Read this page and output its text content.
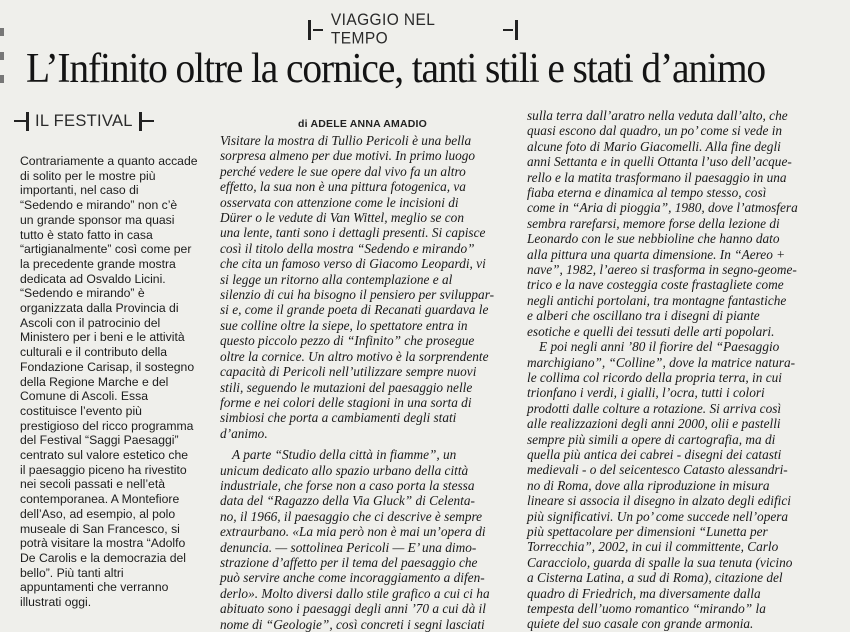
VIAGGIO NEL TEMPO
L’Infinito oltre la cornice, tanti stili e stati d’animo
IL FESTIVAL
Contrariamente a quanto accade
di solito per le mostre più
importanti, nel caso di
“Sedendo e mirando” non c’è
un grande sponsor ma quasi
tutto è stato fatto in casa
“artigianalmente” così come per
la precedente grande mostra
dedicata ad Osvaldo Licini.
“Sedendo e mirando” è
organizzata dalla Provincia di
Ascoli con il patrocinio del
Ministero per i beni e le attività
culturali e il contributo della
Fondazione Carisap, il sostegno
della Regione Marche e del
Comune di Ascoli. Essa
costituisce l’evento più
prestigioso del ricco programma
del Festival “Saggi Paesaggi”
centrato sul valore estetico che
il paesaggio piceno ha rivestito
nei secoli passati e nell’età
contemporanea. A Montefiore
dell’Aso, ad esempio, al polo
museale di San Francesco, si
potrà visitare la mostra “Adolfo
De Carolis e la democrazia del
bello”. Più tanti altri
appuntamenti che verranno
illustrati oggi.
di ADELE ANNA AMADIO
Visitare la mostra di Tullio Pericoli è una bella
sorpresa almeno per due motivi. In primo luogo
perché vedere le sue opere dal vivo fa un altro
effetto, la sua non è una pittura fotogenica, va
osservata con attenzione come le incisioni di
Dürer o le vedute di Van Wittel, meglio se con
una lente, tanti sono i dettagli presenti. Si capisce
così il titolo della mostra “Sedendo e mirando”
che cita un famoso verso di Giacomo Leopardi, vi
si legge un ritorno alla contemplazione e al
silenzio di cui ha bisogno il pensiero per sviluppar-
si e, come il grande poeta di Recanati guardava le
sue colline oltre la siepe, lo spettatore entra in
questo piccolo pezzo di “Infinito” che prosegue
oltre la cornice. Un altro motivo è la sorprendente
capacità di Pericoli nell’utilizzare sempre nuovi
stili, seguendo le mutazioni del paesaggio nelle
forme e nei colori delle stagioni in una sorta di
simbiosi che porta a cambiamenti degli stati
d’animo.
A parte “Studio della città in fiamme”, un
unicum dedicato allo spazio urbano della città
industriale, che forse non a caso porta la stessa
data del “Ragazzo della Via Gluck” di Celenta-
no, il 1966, il paesaggio che ci descrive è sempre
extraurbano. «La mia però non è mai un’opera di
denuncia. — sottolinea Pericoli — E’ una dimo-
strazione d’affetto per il tema del paesaggio che
può servire anche come incoraggiamento a difen-
derlo». Molto diversi dallo stile grafico a cui ci ha
abituato sono i paesaggi degli anni ’70 a cui dà il
nome di “Geologie”, così concreti i segni lasciati
sulla terra dall’aratro nella veduta dall’alto, che
quasi escono dal quadro, un po’ come si vede in
alcune foto di Mario Giacomelli. Alla fine degli
anni Settanta e in quelli Ottanta l’uso dell’acque-
rello e la matita trasformano il paesaggio in una
fiaba eterna e dinamica al tempo stesso, così
come in “Aria di pioggia”, 1980, dove l’atmosfera
sembra rarefarsi, memore forse della lezione di
Leonardo con le sue nebbioline che hanno dato
alla pittura una quarta dimensione. In “Aereo +
nave”, 1982, l’aereo si trasforma in segno-geome-
trico e la nave costeggia coste frastagliete come
negli antichi portolani, tra montagne fantastiche
e alberi che oscillano tra i disegni di piante
esotiche e quelli dei tessuti delle arti popolari.
E poi negli anni ’80 il fiorire del “Paesaggio
marchigiano”, “Colline”, dove la matrice natura-
le collima col ricordo della propria terra, in cui
trionfano i verdi, i gialli, l’ocra, tutti i colori
prodotti dalle colture a rotazione. Si arriva così
alle realizzazioni degli anni 2000, olii e pastelli
sempre più simili a opere di cartografia, ma di
quella più antica dei cabrei - disegni dei catasti
medievali - o del seicentesco Catasto alessandri-
no di Roma, dove alla riproduzione in misura
lineare si associa il disegno in alzato degli edifici
più significativi. Un po’ come succede nell’opera
più spettacolare per dimensioni “Lunetta per
Torrecchia”, 2002, in cui il committente, Carlo
Caracciolo, guarda di spalle la sua tenuta (vicino
a Cisterna Latina, a sud di Roma), citazione del
quadro di Friedrich, ma diversamente dalla
tempesta dell’uomo romantico “mirando” la
quiete del suo casale con grande armonia.
